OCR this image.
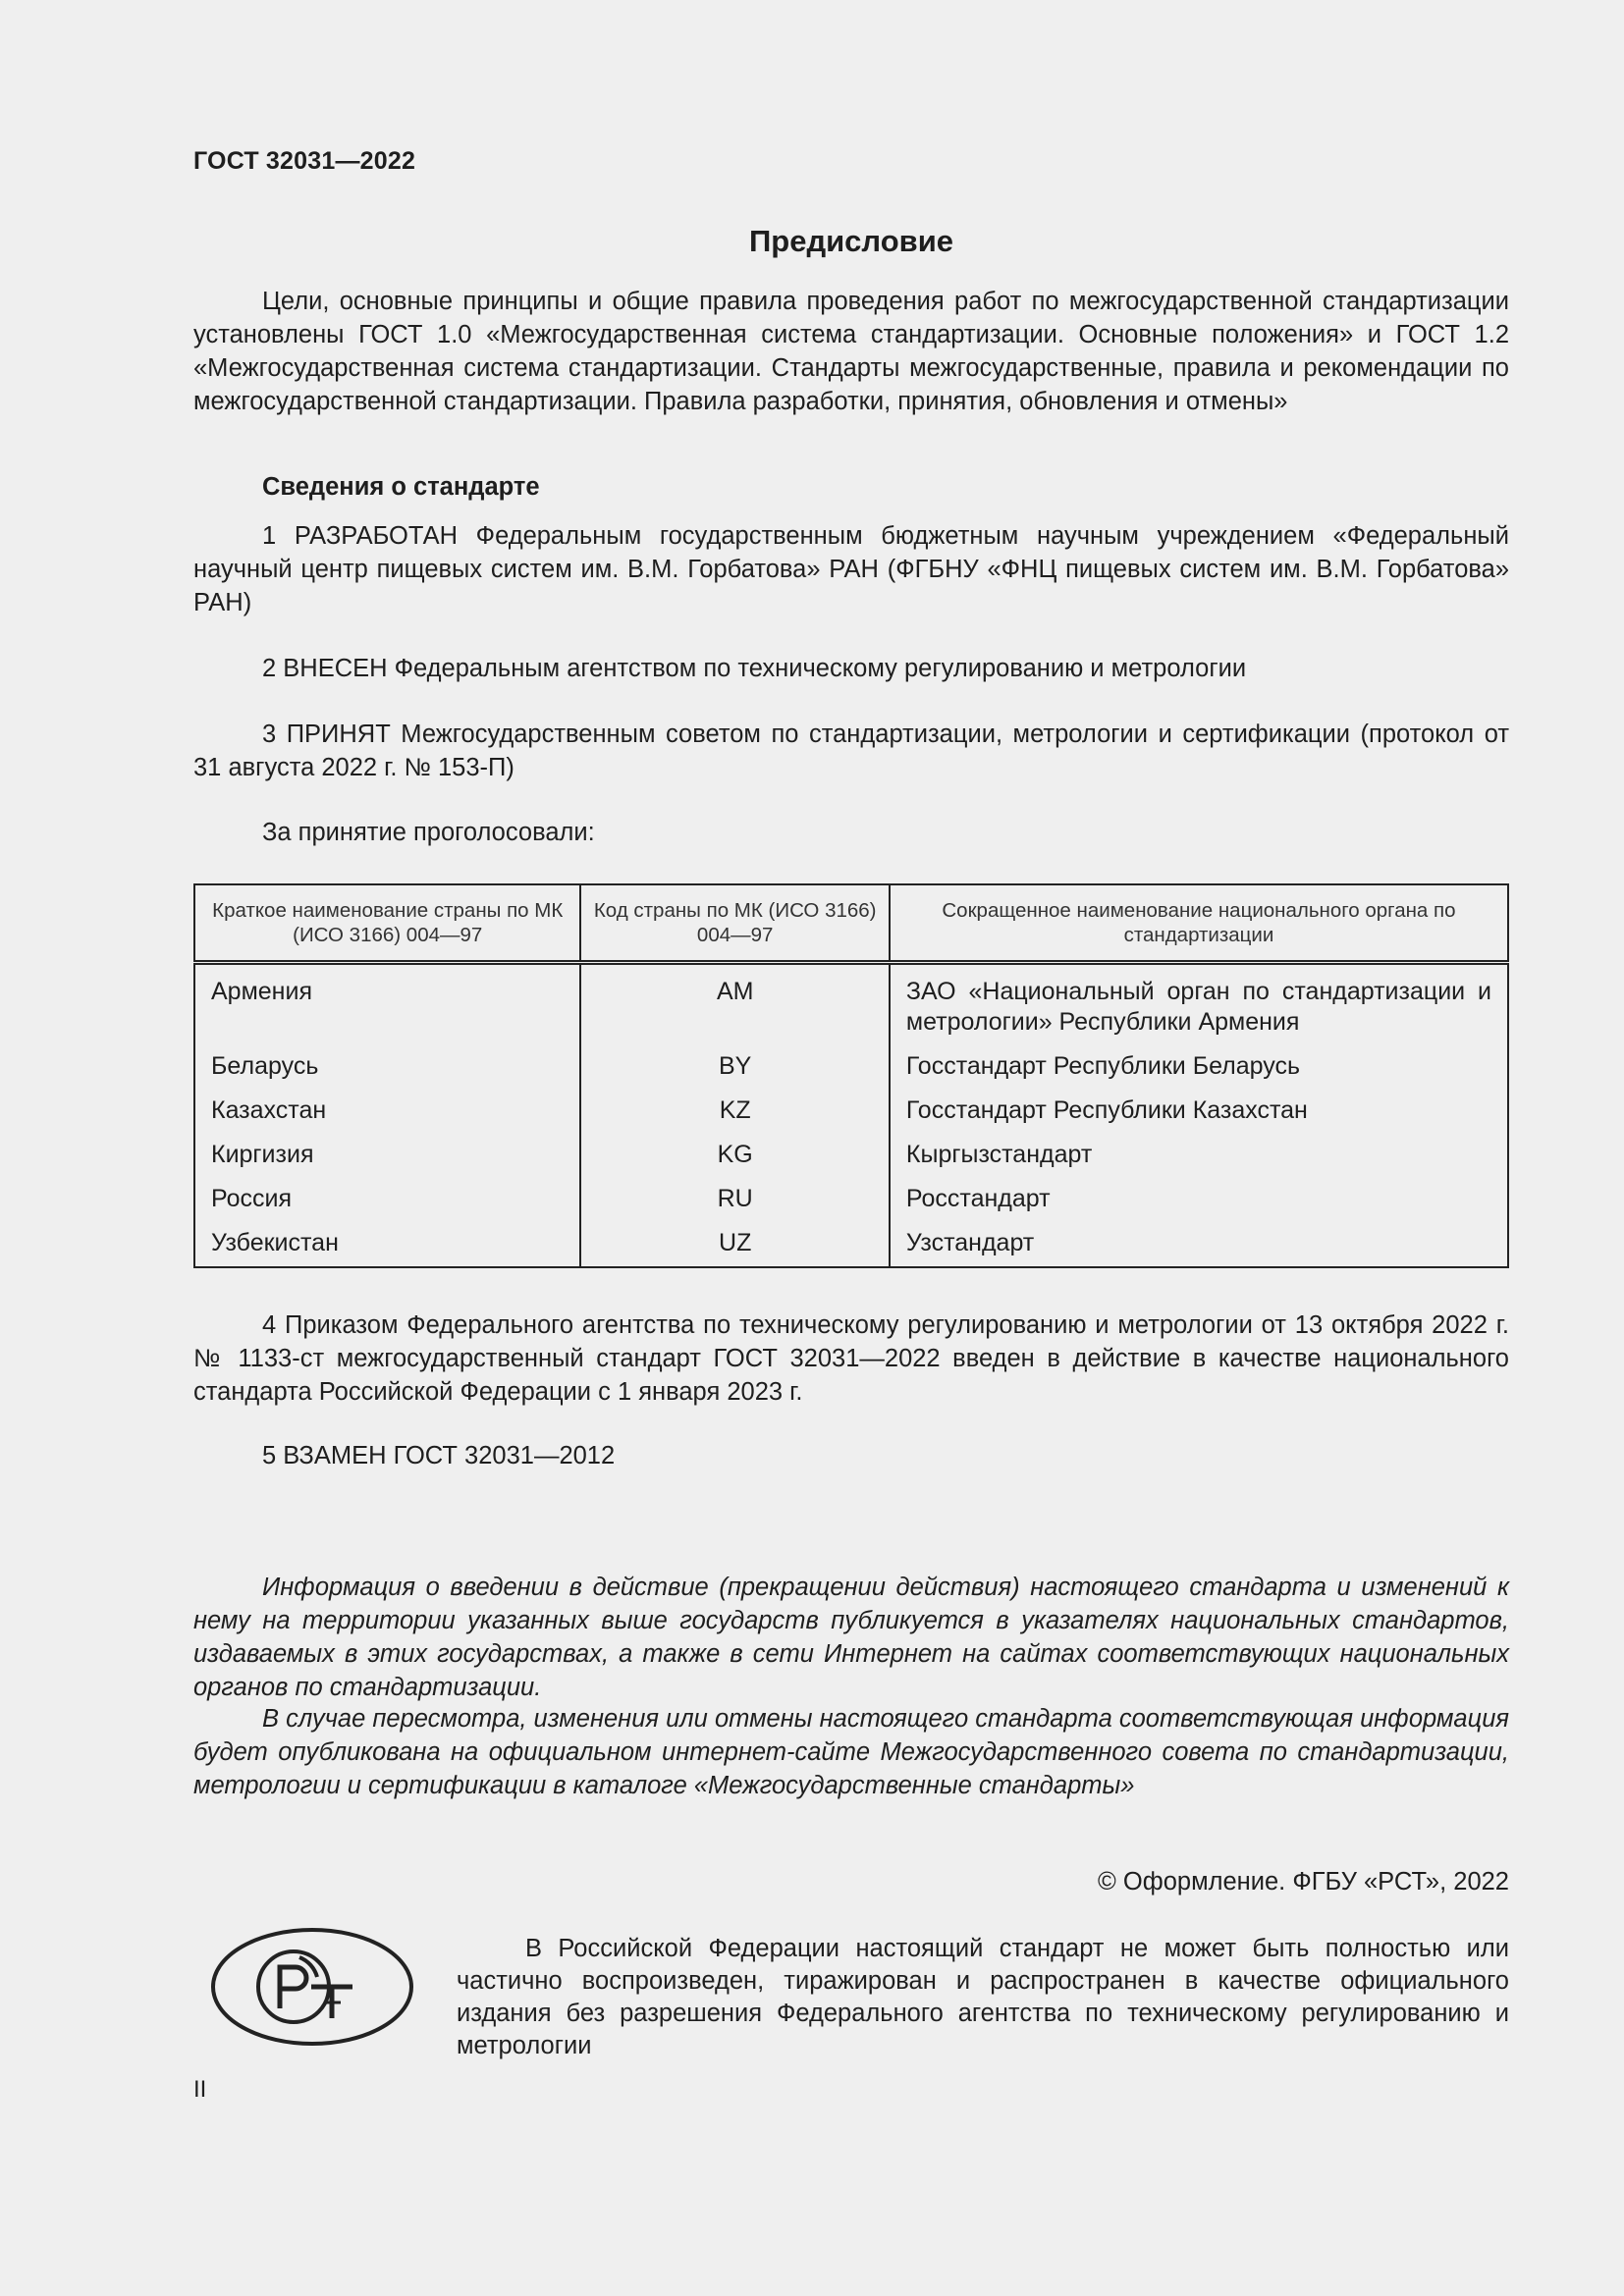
ГОСТ 32031—2022
Предисловие

Цели, основные принципы и общие правила проведения работ по межгосударственной стандартизации установлены ГОСТ 1.0 «Межгосударственная система стандартизации. Основные положения» и ГОСТ 1.2 «Межгосударственная система стандартизации. Стандарты межгосударственные, правила и рекомендации по межгосударственной стандартизации. Правила разработки, принятия, обновления и отмены»

Сведения о стандарте

1 РАЗРАБОТАН Федеральным государственным бюджетным научным учреждением «Федеральный научный центр пищевых систем им. В.М. Горбатова» РАН (ФГБНУ «ФНЦ пищевых систем им. В.М. Горбатова» РАН)

2 ВНЕСЕН Федеральным агентством по техническому регулированию и метрологии

3 ПРИНЯТ Межгосударственным советом по стандартизации, метрологии и сертификации (протокол от 31 августа 2022 г. № 153-П)

За принятие проголосовали:

Краткое наименование страны по МК (ИСО 3166) 004—97	Код страны по МК (ИСО 3166) 004—97	Сокращенное наименование национального органа по стандартизации
Армения	AM	ЗАО «Национальный орган по стандартизации и метрологии» Республики Армения
Беларусь	BY	Госстандарт Республики Беларусь
Казахстан	KZ	Госстандарт Республики Казахстан
Киргизия	KG	Кыргызстандарт
Россия	RU	Росстандарт
Узбекистан	UZ	Узстандарт

4 Приказом Федерального агентства по техническому регулированию и метрологии от 13 октября 2022 г. № 1133-ст межгосударственный стандарт ГОСТ 32031—2022 введен в действие в качестве национального стандарта Российской Федерации с 1 января 2023 г.

5 ВЗАМЕН ГОСТ 32031—2012

Информация о введении в действие (прекращении действия) настоящего стандарта и изменений к нему на территории указанных выше государств публикуется в указателях национальных стандартов, издаваемых в этих государствах, а также в сети Интернет на сайтах соответствующих национальных органов по стандартизации.

В случае пересмотра, изменения или отмены настоящего стандарта соответствующая информация будет опубликована на официальном интернет-сайте Межгосударственного совета по стандартизации, метрологии и сертификации в каталоге «Межгосударственные стандарты»

© Оформление. ФГБУ «РСТ», 2022

В Российской Федерации настоящий стандарт не может быть полностью или частично воспроизведен, тиражирован и распространен в качестве официального издания без разрешения Федерального агентства по техническому регулированию и метрологии

II
